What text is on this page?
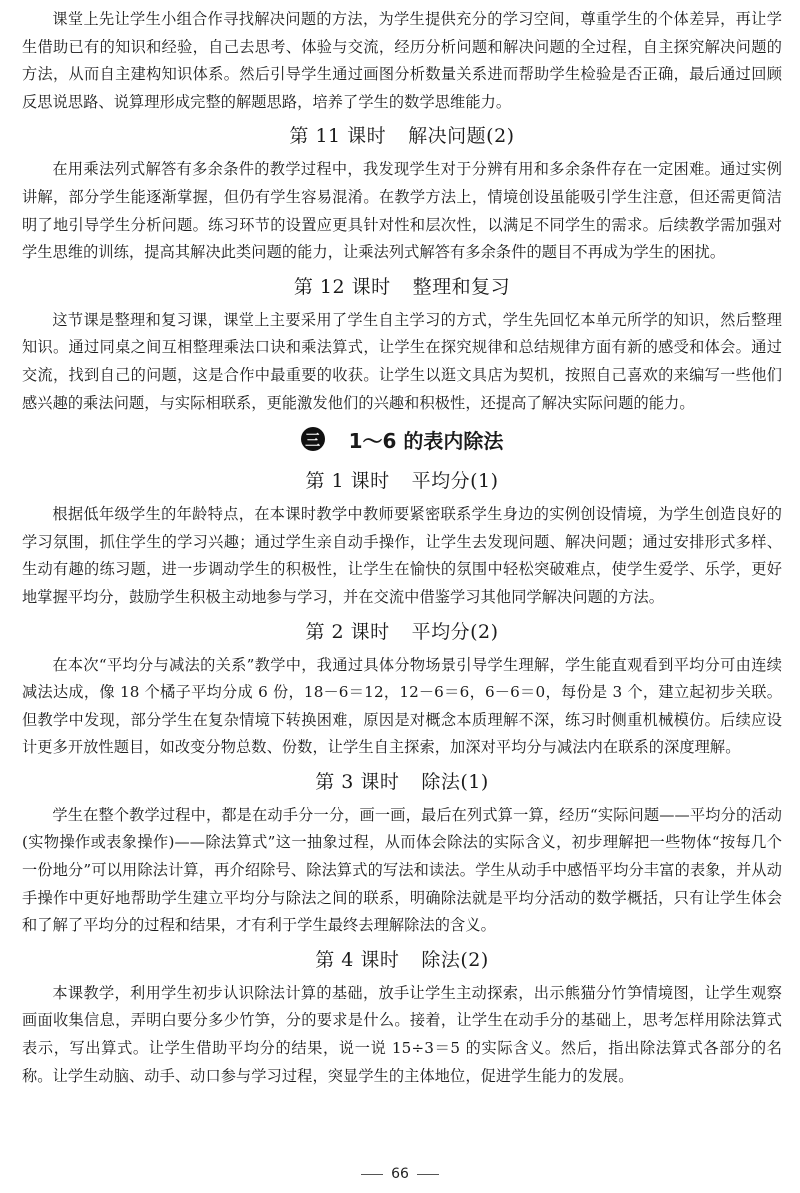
课堂上先让学生小组合作寻找解决问题的方法，为学生提供充分的学习空间，尊重学生的个体差异，再让学生借助已有的知识和经验，自己去思考、体验与交流，经历分析问题和解决问题的全过程，自主探究解决问题的方法，从而自主建构知识体系。然后引导学生通过画图分析数量关系进而帮助学生检验是否正确，最后通过回顾反思说思路、说算理形成完整的解题思路，培养了学生的数学思维能力。

第 11 课时 解决问题(2)

在用乘法列式解答有多余条件的教学过程中，我发现学生对于分辨有用和多余条件存在一定困难。通过实例讲解，部分学生能逐渐掌握，但仍有学生容易混淆。在教学方法上，情境创设虽能吸引学生注意，但还需更简洁明了地引导学生分析问题。练习环节的设置应更具针对性和层次性，以满足不同学生的需求。后续教学需加强对学生思维的训练，提高其解决此类问题的能力，让乘法列式解答有多余条件的题目不再成为学生的困扰。

第 12 课时 整理和复习

这节课是整理和复习课，课堂上主要采用了学生自主学习的方式，学生先回忆本单元所学的知识，然后整理知识。通过同桌之间互相整理乘法口诀和乘法算式，让学生在探究规律和总结规律方面有新的感受和体会。通过交流，找到自己的问题，这是合作中最重要的收获。让学生以逛文具店为契机，按照自己喜欢的来编写一些他们感兴趣的乘法问题，与实际相联系，更能激发他们的兴趣和积极性，还提高了解决实际问题的能力。

三 1～6 的表内除法
第 1 课时 平均分(1)

根据低年级学生的年龄特点，在本课时教学中教师要紧密联系学生身边的实例创设情境，为学生创造良好的学习氛围，抓住学生的学习兴趣；通过学生亲自动手操作，让学生去发现问题、解决问题；通过安排形式多样、生动有趣的练习题，进一步调动学生的积极性，让学生在愉快的氛围中轻松突破难点，使学生爱学、乐学，更好地掌握平均分，鼓励学生积极主动地参与学习，并在交流中借鉴学习其他同学解决问题的方法。

第 2 课时 平均分(2)

在本次“平均分与减法的关系”教学中，我通过具体分物场景引导学生理解，学生能直观看到平均分可由连续减法达成，像 18 个橘子平均分成 6 份，18－6＝12，12－6＝6，6－6＝0，每份是 3 个，建立起初步关联。但教学中发现，部分学生在复杂情境下转换困难，原因是对概念本质理解不深，练习时侧重机械模仿。后续应设计更多开放性题目，如改变分物总数、份数，让学生自主探索，加深对平均分与减法内在联系的深度理解。

第 3 课时 除法(1)

学生在整个教学过程中，都是在动手分一分，画一画，最后在列式算一算，经历“实际问题——平均分的活动(实物操作或表象操作)——除法算式”这一抽象过程，从而体会除法的实际含义，初步理解把一些物体“按每几个一份地分”可以用除法计算，再介绍除号、除法算式的写法和读法。学生从动手中感悟平均分丰富的表象，并从动手操作中更好地帮助学生建立平均分与除法之间的联系，明确除法就是平均分活动的数学概括，只有让学生体会和了解了平均分的过程和结果，才有利于学生最终去理解除法的含义。

第 4 课时 除法(2)

本课教学，利用学生初步认识除法计算的基础，放手让学生主动探索，出示熊猫分竹笋情境图，让学生观察画面收集信息，弄明白要分多少竹笋，分的要求是什么。接着，让学生在动手分的基础上，思考怎样用除法算式表示，写出算式。让学生借助平均分的结果，说一说 15÷3＝5 的实际含义。然后，指出除法算式各部分的名称。让学生动脑、动手、动口参与学习过程，突显学生的主体地位，促进学生能力的发展。

66
